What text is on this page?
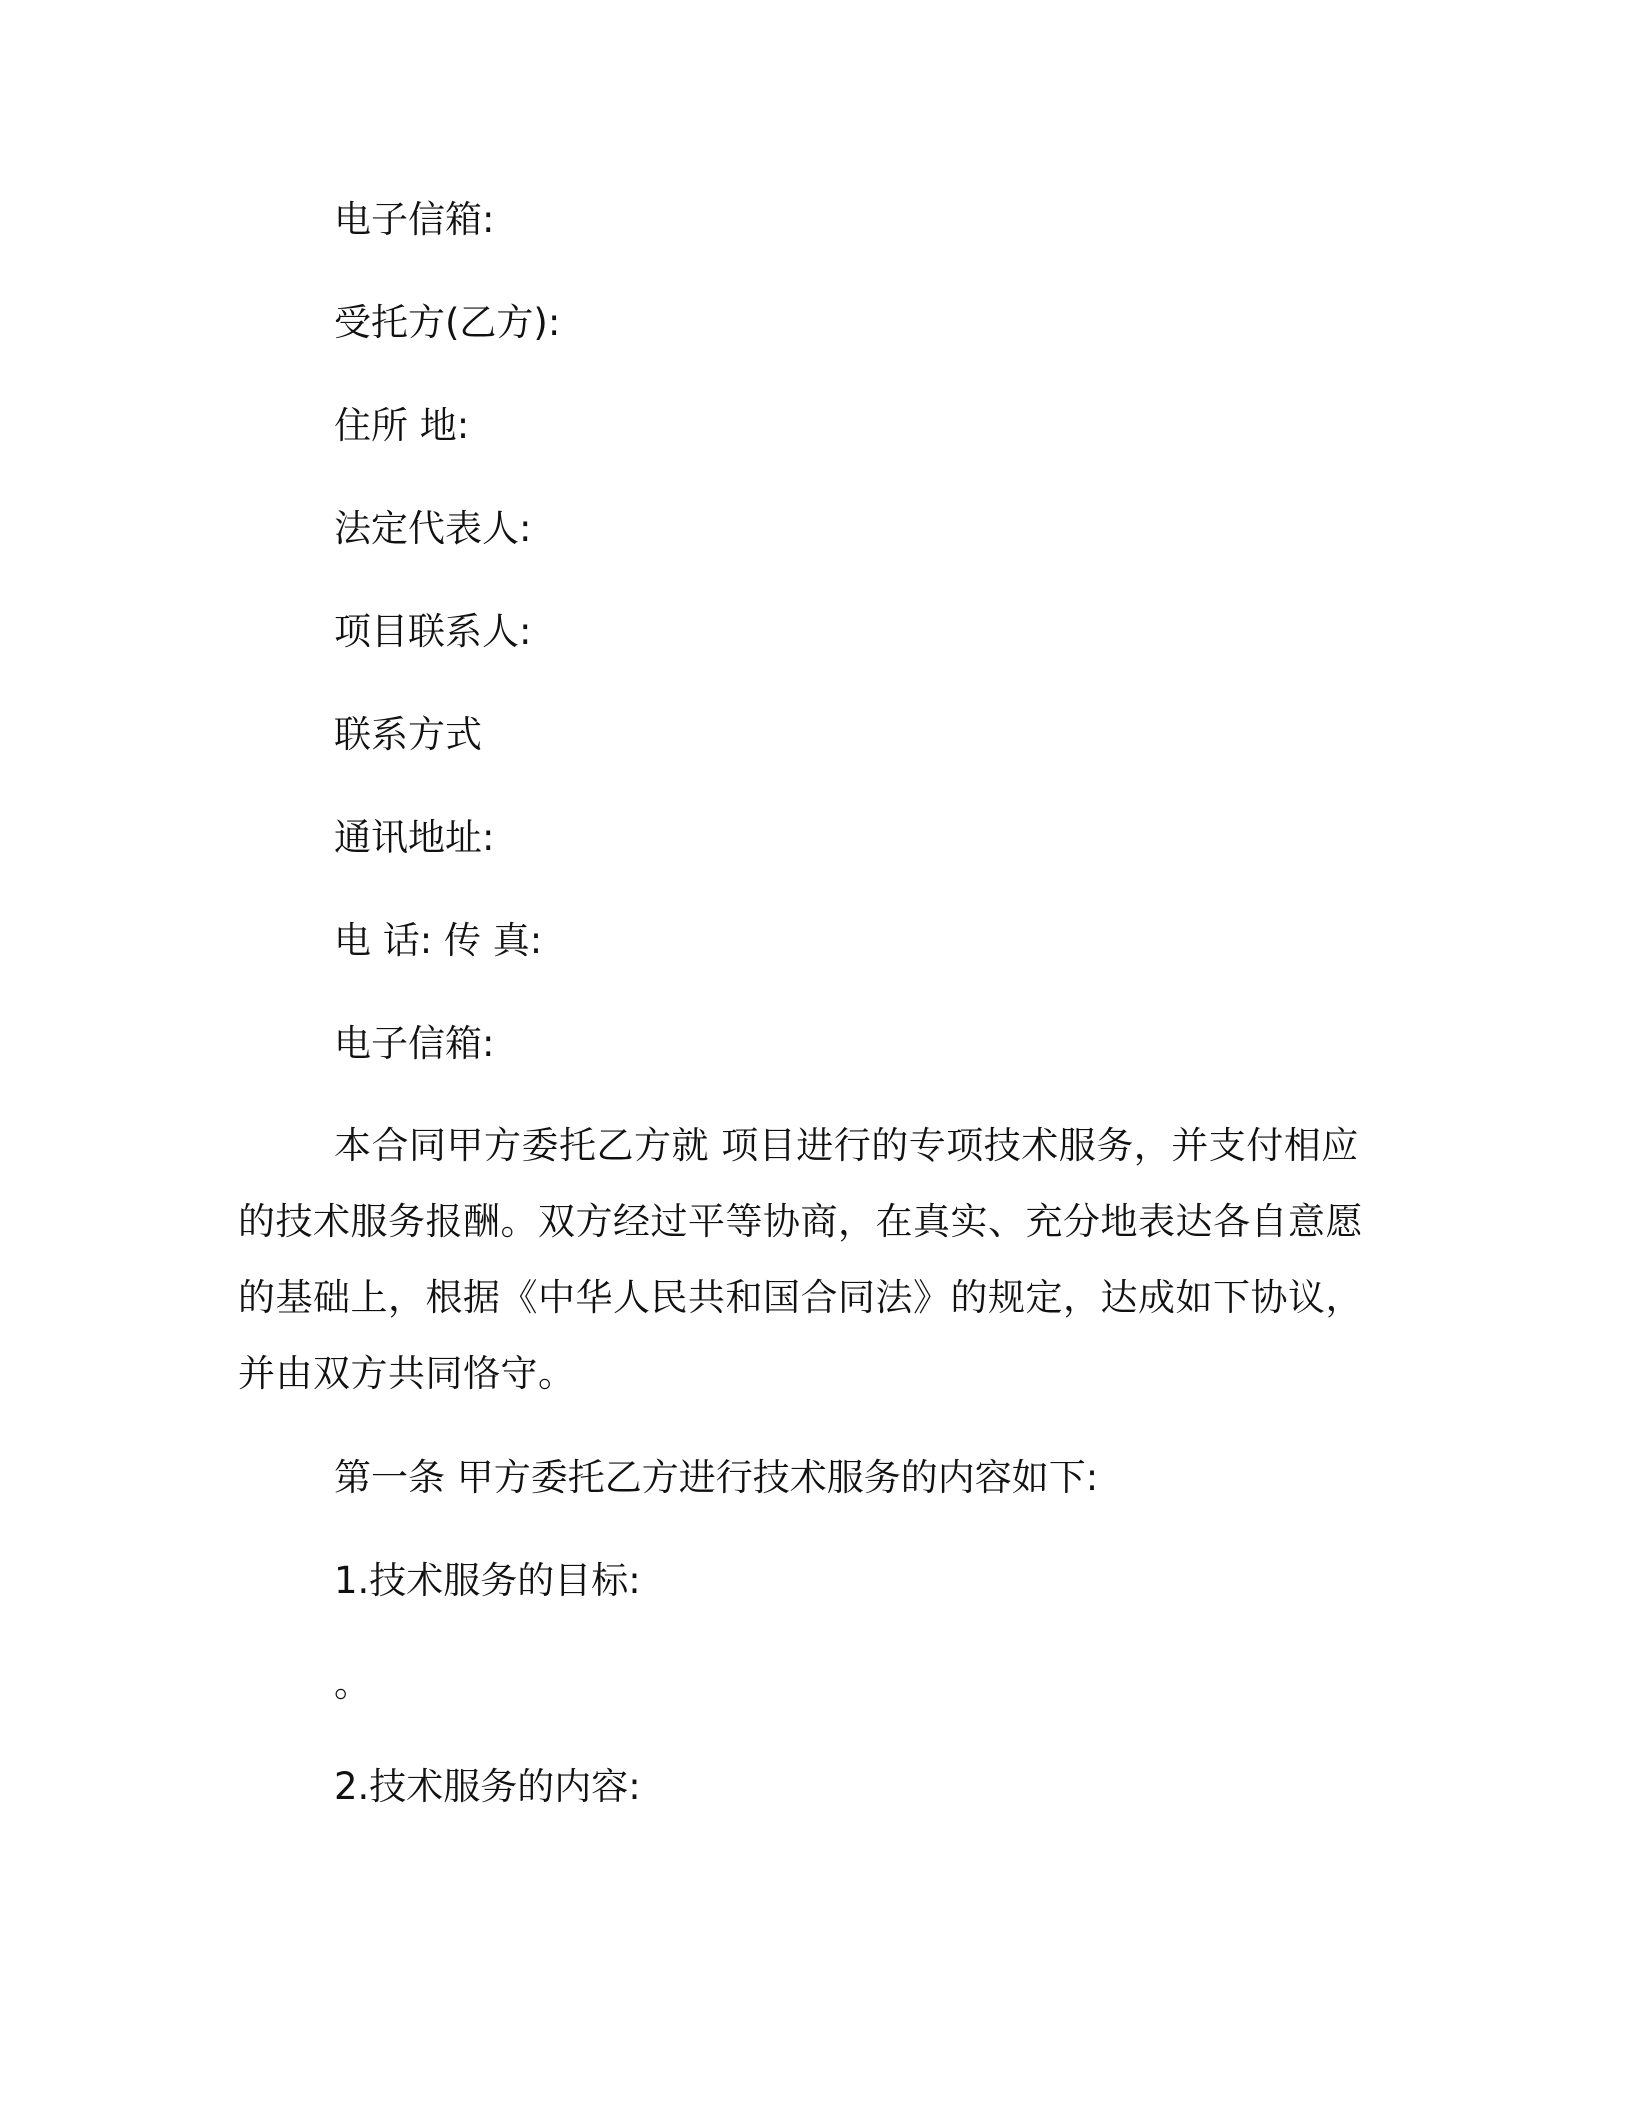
电子信箱:
受托方(乙方):
住所 地:
法定代表人:
项目联系人:
联系方式
通讯地址:
电 话: 传 真:
电子信箱:
本合同甲方委托乙方就 项目进行的专项技术服务，并支付相应的技术服务报酬。双方经过平等协商，在真实、充分地表达各自意愿的基础上，根据《中华人民共和国合同法》的规定，达成如下协议，并由双方共同恪守。
第一条 甲方委托乙方进行技术服务的内容如下:
1.技术服务的目标:
。
2.技术服务的内容:
